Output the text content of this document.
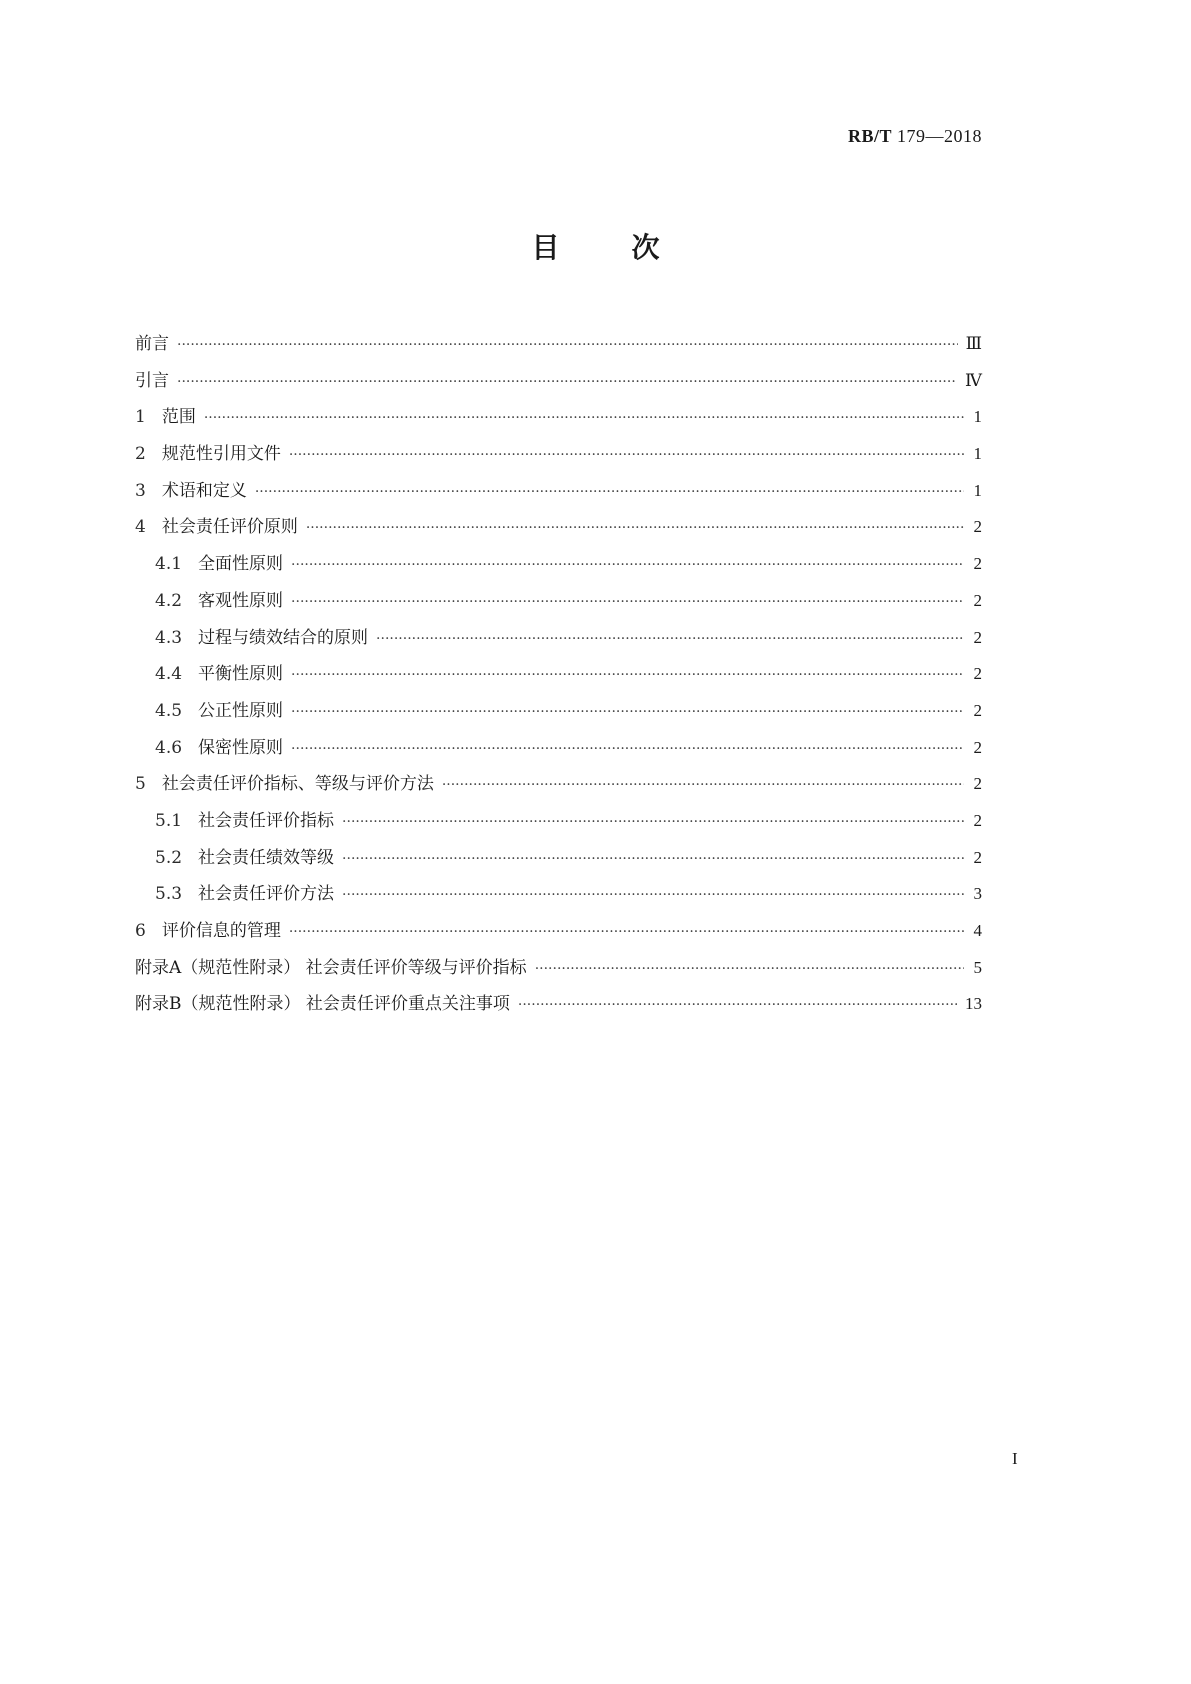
RB/T 179—2018
目	次
前言 ·····	Ⅲ
引言 ·····	Ⅳ
1 范围 ·····	1
2 规范性引用文件 ·····	1
3 术语和定义 ·····	1
4 社会责任评价原则 ·····	2
4.1 全面性原则 ·····	2
4.2 客观性原则 ·····	2
4.3 过程与绩效结合的原则 ·····	2
4.4 平衡性原则 ·····	2
4.5 公正性原则 ·····	2
4.6 保密性原则 ·····	2
5 社会责任评价指标、等级与评价方法 ·····	2
5.1 社会责任评价指标 ·····	2
5.2 社会责任绩效等级 ·····	2
5.3 社会责任评价方法 ·····	3
6 评价信息的管理 ·····	4
附录A（规范性附录） 社会责任评价等级与评价指标 ·····	5
附录B（规范性附录） 社会责任评价重点关注事项 ·····	13
I
